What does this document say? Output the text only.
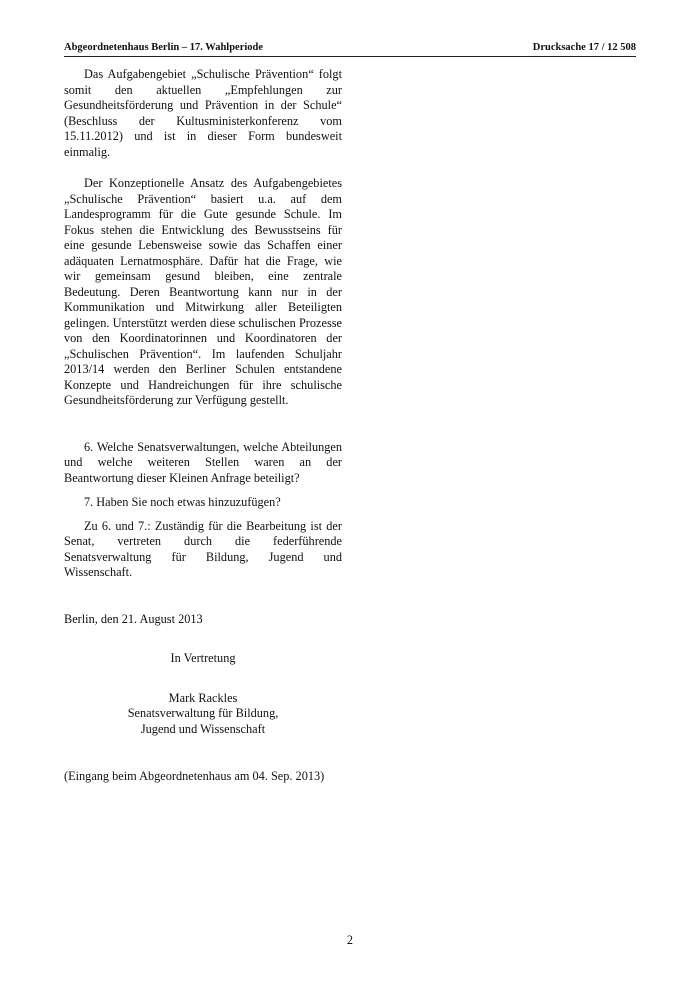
Abgeordnetenhaus Berlin – 17. Wahlperiode	Drucksache 17 / 12 508

Das Aufgabengebiet „Schulische Prävention“ folgt somit den aktuellen „Empfehlungen zur Gesundheitsförderung und Prävention in der Schule“ (Beschluss der Kultusministerkonferenz vom 15.11.2012) und ist in dieser Form bundesweit einmalig.

Der Konzeptionelle Ansatz des Aufgabengebietes „Schulische Prävention“ basiert u.a. auf dem Landesprogramm für die Gute gesunde Schule. Im Fokus stehen die Entwicklung des Bewusstseins für eine gesunde Lebensweise sowie das Schaffen einer adäquaten Lernatmosphäre. Dafür hat die Frage, wie wir gemeinsam gesund bleiben, eine zentrale Bedeutung. Deren Beantwortung kann nur in der Kommunikation und Mitwirkung aller Beteiligten gelingen. Unterstützt werden diese schulischen Prozesse von den Koordinatorinnen und Koordinatoren der „Schulischen Prävention“. Im laufenden Schuljahr 2013/14 werden den Berliner Schulen entstandene Konzepte und Handreichungen für ihre schulische Gesundheitsförderung zur Verfügung gestellt.

6. Welche Senatsverwaltungen, welche Abteilungen und welche weiteren Stellen waren an der Beantwortung dieser Kleinen Anfrage beteiligt?

7. Haben Sie noch etwas hinzuzufügen?

Zu 6. und 7.: Zuständig für die Bearbeitung ist der Senat, vertreten durch die federführende Senatsverwaltung für Bildung, Jugend und Wissenschaft.

Berlin, den 21. August 2013

In Vertretung

Mark Rackles

Senatsverwaltung für Bildung,

Jugend und Wissenschaft

(Eingang beim Abgeordnetenhaus am 04. Sep. 2013)

2
